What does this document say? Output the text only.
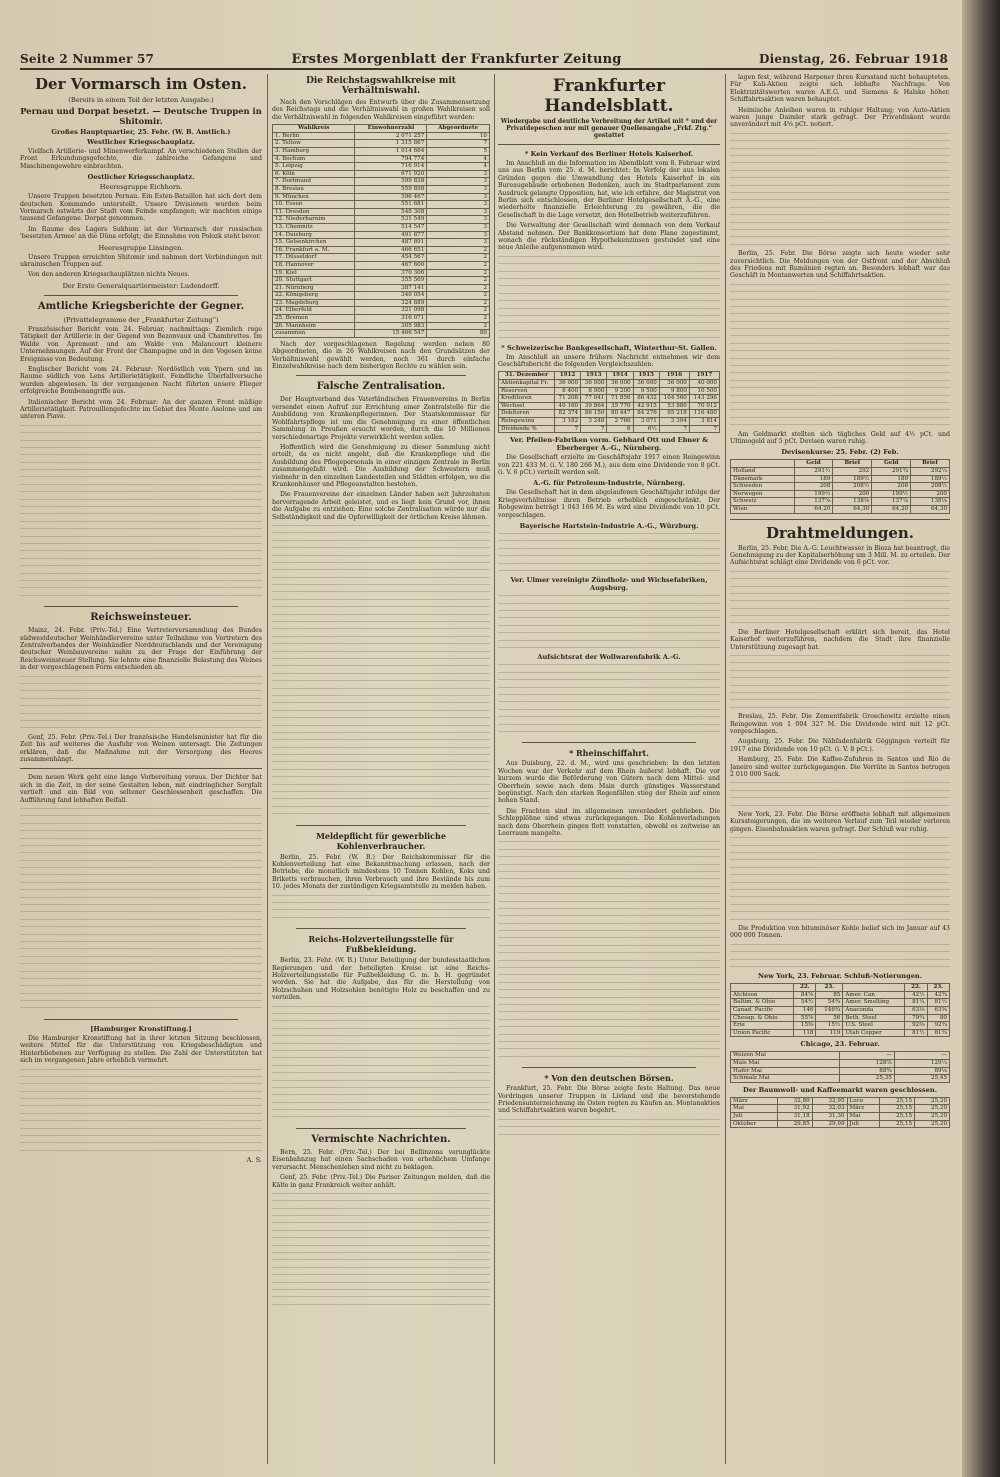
Seite 2 Nummer 57	Erstes Morgenblatt der Frankfurter Zeitung	Dienstag, 26. Februar 1918
Der Vormarsch im Osten.
(Bereits in einem Teil der letzten Ausgabe.)
Pernau und Dorpat besetzt. — Deutsche Truppen in Shitomir.
Großes Hauptquartier, 25. Febr. (W. B. Amtlich.)
Westlicher Kriegsschauplatz.

Vielfach Artillerie- und Minenwerferkampf. An verschiedenen Stellen der Front Erkundungsgefechte, die zahlreiche Gefangene und Maschinengewehre einbrachten.

Oestlicher Kriegsschauplatz.
Heeresgruppe Eichhorn.

Unsere Truppen besetzten Pernau. Ein Esten-Bataillon hat sich dort dem deutschen Kommando unterstellt. Unsere Divisionen wurden beim Vormarsch ostwärts der Stadt vom Feinde empfangen; wir machten einige tausend Gefangene. Dorpat genommen.

Im Raume des Lagers Sukhum ist der Vormarsch der russischen 'besetzten Armee' an die Düna erfolgt; die Einnahme von Polozk steht bevor.

Heeresgruppe Linsingen.

Unsere Truppen erreichten Shitomir und nahmen dort Verbindungen mit ukrainischen Truppen auf.

Von den anderen Kriegsschauplätzen nichts Neues.

Der Erste Generalquartiermeister: Ludendorff.
Amtliche Kriegsberichte der Gegner.
(Privattelegramme der „Frankfurter Zeitung“)

Französischer Bericht vom 24. Februar, nachmittags: Ziemlich rege Tätigkeit der Artillerie in der Gegend von Bezonvaux und Chambrettes. Im Walde von Apremont und am Walde von Malancourt kleinere Unternehmungen. Auf der Front der Champagne und in den Vogesen keine Ereignisse von Bedeutung.

Englischer Bericht vom 24. Februar: Nordöstlich von Ypern und im Raume südlich von Lens Artillerietätigkeit. Feindliche Überfallversuche wurden abgewiesen. In der vergangenen Nacht führten unsere Flieger erfolgreiche Bombenangriffe aus.

Italienischer Bericht vom 24. Februar: An der ganzen Front mäßige Artillerietätigkeit. Patrouillengefechte im Gebiet des Monte Asolone und am unteren Piave.

Reichsweinsteuer.

Mainz, 24. Febr. (Priv.-Tel.) Eine Vertreterversammlung des Bundes südwestdeutscher Weinhändlervereine unter Teilnahme von Vertretern des Zentralverbandes der Weinhändler Norddeutschlands und der Vereinigung deutscher Weinbauvereine nahm zu der Frage der Einführung der Reichsweinsteuer Stellung. Sie lehnte eine finanzielle Belastung des Weines in der vorgeschlagenen Form entschieden ab.

Genf, 25. Febr. (Priv.-Tel.) Der französische Handelsminister hat für die Zeit bis auf weiteres die Ausfuhr von Weinen untersagt. Die Zeitungen erklären, daß die Maßnahme mit der Versorgung des Heeres zusammenhängt.

Dem neuen Werk geht eine lange Vorbereitung voraus. Der Dichter hat sich in die Zeit, in der seine Gestalten leben, mit eindringlicher Sorgfalt vertieft und ein Bild von seltener Geschlossenheit geschaffen. Die Aufführung fand lebhaften Beifall.

[Hamburger Kronstiftung.]

Die Hamburger Kronstiftung hat in ihrer letzten Sitzung beschlossen, weitere Mittel für die Unterstützung von Kriegsbeschädigten und Hinterbliebenen zur Verfügung zu stellen. Die Zahl der Unterstützten hat sich im vergangenen Jahre erheblich vermehrt.

A. S.
Die Reichstagswahlkreise mit Verhältniswahl.

Nach den Vorschlägen des Entwurfs über die Zusammensetzung des Reichstags und die Verhältniswahl in großen Wahlkreisen soll die Verhältniswahl in folgenden Wahlkreisen eingeführt werden:

Wahlkreis	Einwohnerzahl	Abgeordnete
1. Berlin	2 071 257	10
2. Teltow	1 315 867	7
3. Hamburg	1 014 664	5
4. Bochum	794 774	4
5. Leipzig	716 914	4
6. Köln	671 920	3
7. Dortmund	599 838	3
8. Breslau	559 898	3
9. München	596 467	3
10. Essen	551 681	3
11. Dresden	548 308	3
12. Niederbarnim	531 549	3
13. Chemnitz	514 547	3
14. Duisburg	491 877	3
15. Gelsenkirchen	487 891	3
16. Frankfurt a. M.	466 651	2
17. Düsseldorf	454 567	2
18. Hannover	467 600	2
19. Kiel	370 306	2
20. Stuttgart	355 569	2
21. Nürnberg	387 141	2
22. Königsberg	340 054	2
23. Magdeburg	324 889	2
24. Elberfeld	321 098	2
25. Bremen	316 071	2
26. Mannheim	305 983	2
zusammen	15 466 547	80

Nach der vorgeschlagenen Regelung werden neben 80 Abgeordneten, die in 26 Wahlkreisen nach den Grundsätzen der Verhältniswahl gewählt werden, noch 361 durch einfache Einzelwahlkreise nach dem bisherigen Rechte zu wählen sein.

Falsche Zentralisation.

Der Hauptverband des Vaterländischen Frauenvereins in Berlin versendet einen Aufruf zur Errichtung einer Zentralstelle für die Ausbildung von Krankenpflegerinnen. Der Staatskommissar für Wohlfahrtspflege ist um die Genehmigung zu einer öffentlichen Sammlung in Preußen ersucht worden, durch die 10 Millionen verschiedenartige Projekte verwirklicht werden sollen.

Hoffentlich wird die Genehmigung zu dieser Sammlung nicht erteilt, da es nicht angeht, daß die Krankenpflege und die Ausbildung des Pflegepersonals in einer einzigen Zentrale in Berlin zusammengefaßt wird. Die Ausbildung der Schwestern muß vielmehr in den einzelnen Landesteilen und Städten erfolgen, wo die Krankenhäuser und Pflegeanstalten bestehen.

Die Frauenvereine der einzelnen Länder haben seit Jahrzehnten hervorragende Arbeit geleistet, und es liegt kein Grund vor, ihnen die Aufgabe zu entziehen. Eine solche Zentralisation würde nur die Selbständigkeit und die Opferwilligkeit der örtlichen Kreise lähmen.

Meldepflicht für gewerbliche Kohlenverbraucher.

Berlin, 25. Febr. (W. B.) Der Reichskommissar für die Kohlenverteilung hat eine Bekanntmachung erlassen, nach der Betriebe, die monatlich mindestens 10 Tonnen Kohlen, Koks und Briketts verbrauchen, ihren Verbrauch und ihre Bestände bis zum 10. jedes Monats der zuständigen Kriegsamtstelle zu melden haben.

Reichs-Holzverteilungsstelle für Fußbekleidung.

Berlin, 23. Febr. (W. B.) Unter Beteiligung der bundesstaatlichen Regierungen und der beteiligten Kreise ist eine Reichs-Holzverteilungsstelle für Fußbekleidung G. m. b. H. gegründet worden. Sie hat die Aufgabe, das für die Herstellung von Holzschuhen und Holzsohlen benötigte Holz zu beschaffen und zu verteilen.

Vermischte Nachrichten.

Bern, 25. Febr. (Priv.-Tel.) Der bei Bellinzona verunglückte Eisenbahnzug hat einen Sachschaden von erheblichem Umfange verursacht. Menschenleben sind nicht zu beklagen.

Genf, 25. Febr. (Priv.-Tel.) Die Pariser Zeitungen melden, daß die Kälte in ganz Frankreich weiter anhält.

Frankfurter Handelsblatt.
Wiedergabe und deutliche Verbreitung der Artikel mit * und der Privatdepeschen nur mit genauer Quellenangabe „Frkf. Ztg.“ gestattet
* Kein Verkauf des Berliner Hotels Kaiserhof.

Im Anschluß an die Information im Abendblatt vom 8. Februar wird uns aus Berlin vom 25. d. M. berichtet: In Verfolg der aus lokalen Gründen gegen die Umwandlung des Hotels Kaiserhof in ein Bureaugebäude erhobenen Bedenken, auch im Stadtparlament zum Ausdruck gelangte Opposition, hat, wie ich erfahre, der Magistrat von Berlin sich entschlossen, der Berliner Hotelgesellschaft A.-G., eine wiederholte finanzielle Erleichterung zu gewähren, die die Gesellschaft in die Lage versetzt, den Hotelbetrieb weiterzuführen.

Die Verwaltung der Gesellschaft wird demnach von dem Verkauf Abstand nehmen. Der Bankkonsortium hat dem Plane zugestimmt, wonach die rückständigen Hypothekenzinsen gestundet und eine neue Anleihe aufgenommen wird.

* Schweizerische Bankgesellschaft, Winterthur-St. Gallen.

Im Anschluß an unsere frühere Nachricht entnehmen wir dem Geschäftsbericht die folgenden Vergleichszahlen:

31. Dezember	1912	1913	1914	1915	1916	1917
Aktienkapital Fr.	36 000	36 000	36 000	36 000	36 000	40 000
Reserven	8 400	8 900	9 200	9 500	9 800	10 500
Kreditoren	71 208	77 041	71 856	86 432	104 560	143 296
Wechsel	40 160	39 864	35 770	42 915	53 880	70 912
Debitoren	82 374	86 150	80 447	84 276	95 218	116 480
Reingewinn	3 182	3 248	2 766	3 071	3 394	3 814
Dividende %	7	7	6	6½	7	7
Ver. Pfeilen-Fabriken vorm. Gebhard Ott und Ebner & Eberberger A.-G., Nürnberg.

Die Gesellschaft erzielte im Geschäftsjahr 1917 einen Reingewinn von 221 433 M. (i. V. 180 266 M.), aus dem eine Dividende von 8 pCt. (i. V. 6 pCt.) verteilt werden soll.

A.-G. für Petroleum-Industrie, Nürnberg.

Die Gesellschaft hat in dem abgelaufenen Geschäftsjahr infolge der Kriegsverhältnisse ihren Betrieb erheblich eingeschränkt. Der Rohgewinn beträgt 1 043 166 M. Es wird eine Dividende von 10 pCt. vorgeschlagen.

Bayerische Hartstein-Industrie A.-G., Würzburg.
Ver. Ulmer vereinigte Zündholz- und Wichsefabriken, Augsburg.
Aufsichtsrat der Wollwarenfabrik A.-G.
* Rheinschiffahrt.

Aus Duisburg, 22. d. M., wird uns geschrieben: In den letzten Wochen war der Verkehr auf dem Rhein äußerst lebhaft. Die vor kurzem wurde die Beförderung von Gütern nach dem Mittel- und Oberrhein sowie nach dem Main durch günstiges Wasserstand begünstigt. Nach den starken Regenfällen stieg der Rhein auf einen hohen Stand.

Die Frachten sind im allgemeinen unverändert geblieben. Die Schlepplöhne sind etwas zurückgegangen. Die Kohlenverladungen nach dem Oberrhein gingen flott vonstatten, obwohl es zeitweise an Leerraum mangelte.

* Von den deutschen Börsen.

Frankfurt, 25. Febr. Die Börse zeigte feste Haltung. Das neue Vordringen unserer Truppen in Livland und die bevorstehende Friedensunterzeichnung im Osten regten zu Käufen an. Montanaktien und Schiffahrtsaktien waren begehrt.

lagen fest, während Harpener ihren Kursstand nicht behaupteten. Für Kali-Aktien zeigte sich lebhafte Nachfrage. Von Elektrizitätswerten waren A.E.G. und Siemens & Halske höher. Schiffahrtsaktien waren behauptet.

Heimische Anleihen waren in ruhiger Haltung; von Auto-Aktien waren junge Daimler stark gefragt. Der Privatdiskont wurde unverändert mit 4⅝ pCt. notiert.

Berlin, 25. Febr. Die Börse zeigte sich heute wieder sehr zuversichtlich. Die Meldungen von der Ostfront und der Abschluß des Friedens mit Rumänien regten an. Besonders lebhaft war das Geschäft in Montanwerten und Schiffahrtsaktien.

Am Geldmarkt stellten sich tägliches Geld auf 4½ pCt. und Ultimogeld auf 5 pCt. Devisen waren ruhig.

Devisenkurse: 25. Febr. (2) Feb.
	Geld	Brief	Geld	Brief
Holland	291½	292	291¾	292¼
Dänemark	189	189½	189	189½
Schweden	208	208½	208	208½
Norwegen	199½	200	199½	200
Schweiz	137⅞	138⅛	137⅞	138⅛
Wien	64,20	64,30	64,20	64,30
Drahtmeldungen.

Berlin, 25. Febr. Die A.-G. Leuchtwasser in Bieza hat beantragt, die Genehmigung zu der Kapitalserhöhung um 3 Mill. M. zu erteilen. Der Aufsichtsrat schlägt eine Dividende von 6 pCt. vor.

Die Berliner Hotelgesellschaft erklärt sich bereit, das Hotel Kaiserhof weiterzuführen, nachdem die Stadt ihre finanzielle Unterstützung zugesagt hat.

Breslau, 25. Febr. Die Zementfabrik Groschowitz erzielte einen Reingewinn von 1 004 327 M. Die Dividende wird mit 12 pCt. vorgeschlagen.

Augsburg, 25. Febr. Die Nähfadenfabrik Göggingen verteilt für 1917 eine Dividende von 10 pCt. (i. V. 8 pCt.).

Hamburg, 25. Febr. Die Kaffee-Zufuhren in Santos und Rio de Janeiro sind weiter zurückgegangen. Die Vorräte in Santos betrugen 2 010 000 Sack.

New York, 23. Febr. Die Börse eröffnete lebhaft mit allgemeinen Kurssteigerungen, die im weiteren Verlauf zum Teil wieder verloren gingen. Eisenbahnaktien waren gefragt. Der Schluß war ruhig.

Die Produktion von bituminöser Kohle belief sich im Januar auf 43 000 000 Tonnen.

New York, 23. Februar. Schluß-Notierungen.
	22.	23.		22.	23.
Atchison	84⅞	85	Amer. Can	42½	42¾
Baltim. & Ohio	54½	54¾	Amer. Smelting	81¼	81½
Canad. Pacific	146	146¾	Anaconda	63⅛	63⅜
Chesap. & Ohio	55⅞	56	Beth. Steel	79¾	80
Erie	15⅜	15½	U.S. Steel	92⅜	92¾
Union Pacific	118	119	Utah Copper	81½	81¾
Chicago, 23. Februar.
Weizen Mai	—	—
Mais Mai	128⅞	129¼
Hafer Mai	88¾	89⅛
Schmalz Mai	25,35	25,45
Der Baumwoll- und Kaffeemarkt waren geschlossen.
März	32,80	32,95	Loco	25,15	25,20
Mai	31,92	32,03	März	25,15	25,20
Juli	31,18	31,30	Mai	25,15	25,20
Oktober	29,85	29,99	Juli	25,15	25,20
